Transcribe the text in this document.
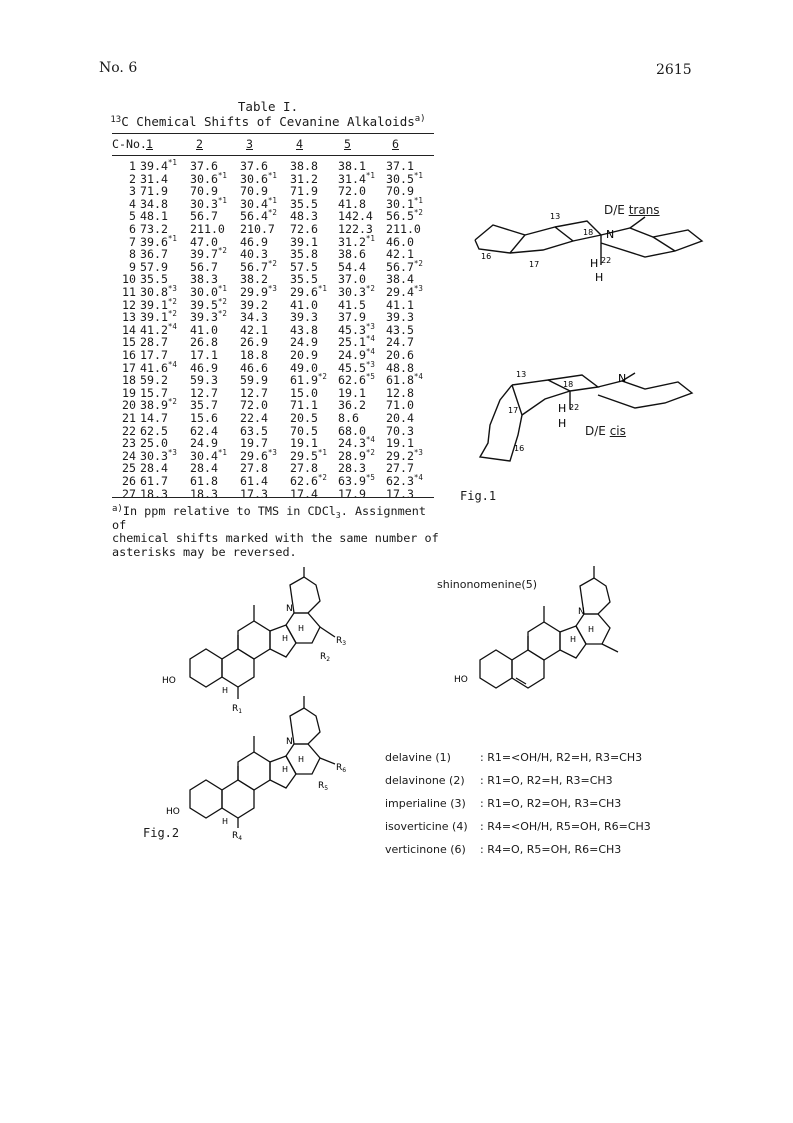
No. 6	2615
Table I.
$^{13}$C Chemical Shifts of Cevanine Alkaloids$^{a)}$
C-No. 1	2	3	4	5	6
1 39.4$^{*1}$ 37.6 37.6 38.8 38.1 37.1
2 31.4 30.6$^{*1}$ 30.6$^{*1}$ 31.2 31.4$^{*1}$ 30.5$^{*1}$
3 71.9 70.9 70.9 71.9 72.0 70.9
4 34.8 30.3$^{*1}$ 30.4$^{*1}$ 35.5 41.8 30.1$^{*1}$
5 48.1 56.7 56.4$^{*2}$ 48.3 142.4 56.5$^{*2}$
6 73.2 211.0 210.7 72.6 122.3 211.0
7 39.6$^{*1}$ 47.0 46.9 39.1 31.2$^{*1}$ 46.0
8 36.7 39.7$^{*2}$ 40.3 35.8 38.6 42.1
9 57.9 56.7 56.7$^{*2}$ 57.5 54.4 56.7$^{*2}$
10 35.5 38.3 38.2 35.5 37.0 38.4
11 30.8$^{*3}$ 30.0$^{*1}$ 29.9$^{*3}$ 29.6$^{*1}$ 30.3$^{*2}$ 29.4$^{*3}$
12 39.1$^{*2}$ 39.5$^{*2}$ 39.2 41.0 41.5 41.1
13 39.1$^{*2}$ 39.3$^{*2}$ 34.3 39.3 37.9 39.3
14 41.2$^{*4}$ 41.0 42.1 43.8 45.3$^{*3}$ 43.5
15 28.7 26.8 26.9 24.9 25.1$^{*4}$ 24.7
16 17.7 17.1 18.8 20.9 24.9$^{*4}$ 20.6
17 41.6$^{*4}$ 46.9 46.6 49.0 45.5$^{*3}$ 48.8
18 59.2 59.3 59.9 61.9$^{*2}$ 62.6$^{*5}$ 61.8$^{*4}$
19 15.7 12.7 12.7 15.0 19.1 12.8
20 38.9$^{*2}$ 35.7 72.0 71.1 36.2 71.0
21 14.7 15.6 22.4 20.5 8.6 20.4
22 62.5 62.4 63.5 70.5 68.0 70.3
23 25.0 24.9 19.7 19.1 24.3$^{*4}$ 19.1
24 30.3$^{*3}$ 30.4$^{*1}$ 29.6$^{*3}$ 29.5$^{*1}$ 28.9$^{*2}$ 29.2$^{*3}$
25 28.4 28.4 27.8 27.8 28.3 27.7
26 61.7 61.8 61.4 62.6$^{*2}$ 63.9$^{*5}$ 62.3$^{*4}$
27 18.3 18.3 17.3 17.4 17.9 17.3
$^{a)}$In ppm relative to TMS in CDCl$_3$. Assignment of
chemical shifts marked with the same number of
asterisks may be reversed.
13
16
17
18 N
H 22
H
D/E trans
13
18	N
17	H 22
H
16
D/E cis
Fig.1
N
H
H
HO
H
$R_1$
$R_3$
$R_2$
shinonomenine(5)
N
H
H
HO
N
H
H
HO
H
$R_4$
$R_6$
$R_5$
delavine (1)	: R1=<OH/H, R2=H, R3=CH3
delavinone (2) : R1=O, R2=H, R3=CH3
imperialine (3) : R1=O, R2=OH, R3=CH3
isoverticine (4) : R4=<OH/H, R5=OH, R6=CH3
verticinone (6) : R4=O, R5=OH, R6=CH3
Fig.2
